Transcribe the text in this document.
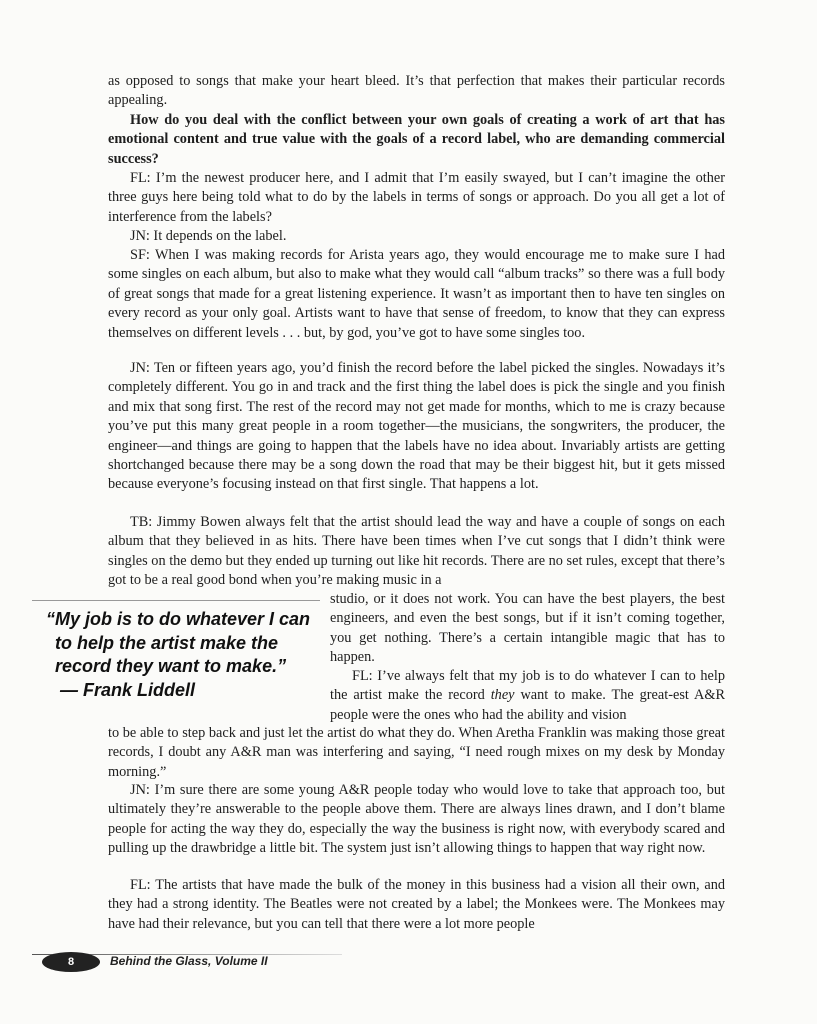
as opposed to songs that make your heart bleed. It’s that perfection that makes their particular records appealing.

How do you deal with the conflict between your own goals of creating a work of art that has emotional content and true value with the goals of a record label, who are demanding commercial success?

FL: I’m the newest producer here, and I admit that I’m easily swayed, but I can’t imagine the other three guys here being told what to do by the labels in terms of songs or approach. Do you all get a lot of interference from the labels?

JN: It depends on the label.

SF: When I was making records for Arista years ago, they would encourage me to make sure I had some singles on each album, but also to make what they would call “album tracks” so there was a full body of great songs that made for a great listening experience. It wasn’t as important then to have ten singles on every record as your only goal. Artists want to have that sense of freedom, to know that they can express themselves on different levels . . . but, by god, you’ve got to have some singles too.

JN: Ten or fifteen years ago, you’d finish the record before the label picked the singles. Nowadays it’s completely different. You go in and track and the first thing the label does is pick the single and you finish and mix that song first. The rest of the record may not get made for months, which to me is crazy because you’ve put this many great people in a room together—the musicians, the songwriters, the producer, the engineer—and things are going to happen that the labels have no idea about. Invariably artists are getting shortchanged because there may be a song down the road that may be their biggest hit, but it gets missed because everyone’s focusing instead on that first single. That happens a lot.

TB: Jimmy Bowen always felt that the artist should lead the way and have a couple of songs on each album that they believed in as hits. There have been times when I’ve cut songs that I didn’t think were singles on the demo but they ended up turning out like hit records. There are no set rules, except that there’s got to be a real good bond when you’re making music in a

studio, or it does not work. You can have the best players, the best engineers, and even the best songs, but if it isn’t coming together, you get nothing. There’s a certain intangible magic that has to happen.

FL: I’ve always felt that my job is to do whatever I can to help the artist make the record they want to make. The great-est A&R people were the ones who had the ability and vision

to be able to step back and just let the artist do what they do. When Aretha Franklin was making those great records, I doubt any A&R man was interfering and saying, “I need rough mixes on my desk by Monday morning.”

JN: I’m sure there are some young A&R people today who would love to take that approach too, but ultimately they’re answerable to the people above them. There are always lines drawn, and I don’t blame people for acting the way they do, especially the way the business is right now, with everybody scared and pulling up the drawbridge a little bit. The system just isn’t allowing things to happen that way right now.

FL: The artists that have made the bulk of the money in this business had a vision all their own, and they had a strong identity. The Beatles were not created by a label; the Monkees were. The Monkees may have had their relevance, but you can tell that there were a lot more people

“My job is to do whatever I can
to help the artist make the
record they want to make.”
— Frank Liddell
8	Behind the Glass, Volume II
